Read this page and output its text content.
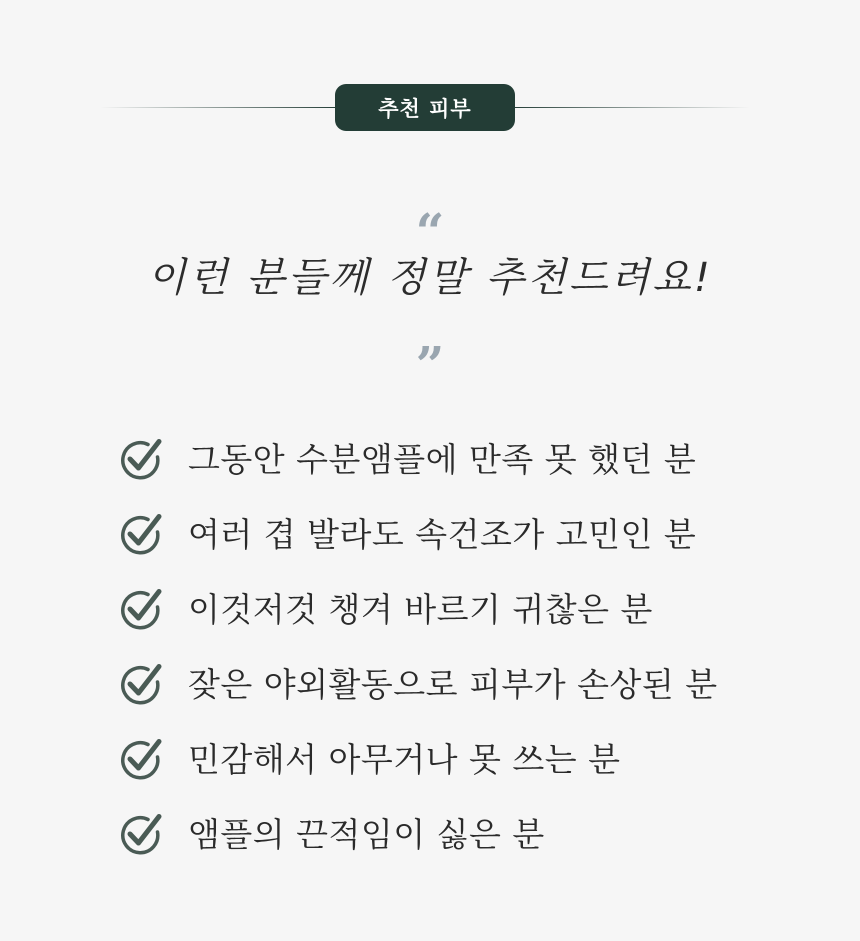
추천 피부
“
이런 분들께 정말 추천드려요!
”
그동안 수분앰플에 만족 못 했던 분
여러 겹 발라도 속건조가 고민인 분
이것저것 챙겨 바르기 귀찮은 분
잦은 야외활동으로 피부가 손상된 분
민감해서 아무거나 못 쓰는 분
앰플의 끈적임이 싫은 분
